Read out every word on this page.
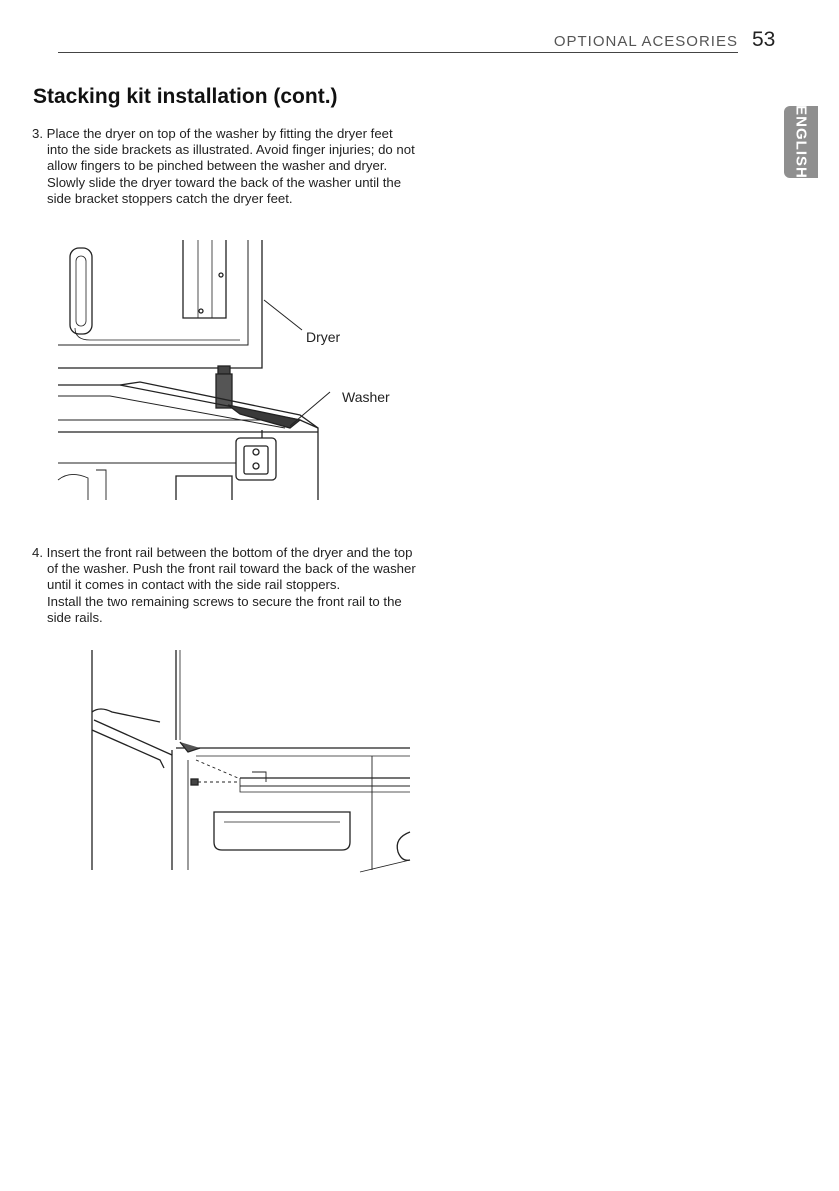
OPTIONAL ACESORIES 53
ENGLISH
Stacking kit installation (cont.)

3. Place the dryer on top of the washer by fitting the dryer feet into the side brackets as illustrated. Avoid finger injuries; do not allow fingers to be pinched between the washer and dryer.

Slowly slide the dryer toward the back of the washer until the side bracket stoppers catch the dryer feet.

4. Insert the front rail between the bottom of the dryer and the top of the washer. Push the front rail toward the back of the washer until it comes in contact with the side rail stoppers.

Install the two remaining screws to secure the front rail to the side rails.

Dryer
Washer
